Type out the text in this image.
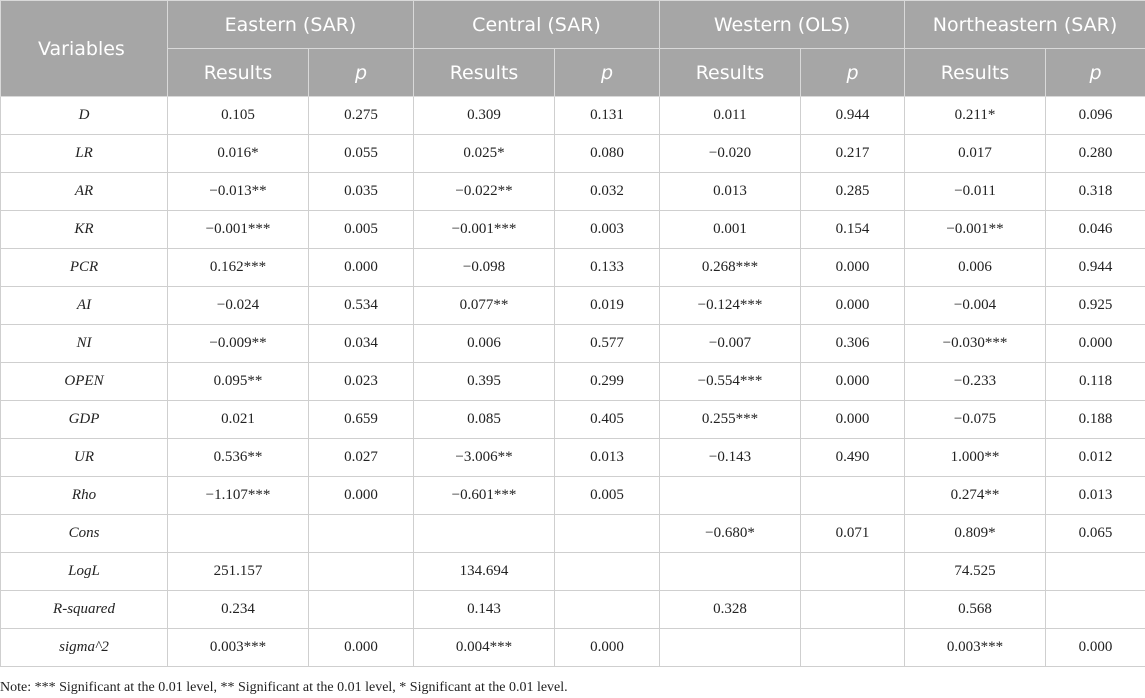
Variables	Eastern (SAR)		Central (SAR)		Western (OLS)		Northeastern (SAR)	
	Results	p	Results	p	Results	p	Results	p
D	0.105	0.275	0.309	0.131	0.011	0.944	0.211*	0.096
LR	0.016*	0.055	0.025*	0.080	−0.020	0.217	0.017	0.280
AR	−0.013**	0.035	−0.022**	0.032	0.013	0.285	−0.011	0.318
KR	−0.001***	0.005	−0.001***	0.003	0.001	0.154	−0.001**	0.046
PCR	0.162***	0.000	−0.098	0.133	0.268***	0.000	0.006	0.944
AI	−0.024	0.534	0.077**	0.019	−0.124***	0.000	−0.004	0.925
NI	−0.009**	0.034	0.006	0.577	−0.007	0.306	−0.030***	0.000
OPEN	0.095**	0.023	0.395	0.299	−0.554***	0.000	−0.233	0.118
GDP	0.021	0.659	0.085	0.405	0.255***	0.000	−0.075	0.188
UR	0.536**	0.027	−3.006**	0.013	−0.143	0.490	1.000**	0.012
Rho	−1.107***	0.000	−0.601***	0.005			0.274**	0.013
Cons					−0.680*	0.071	0.809*	0.065
LogL	251.157		134.694				74.525	
R-squared	0.234		0.143		0.328		0.568	
sigma^2	0.003***	0.000	0.004***	0.000			0.003***	0.000
Note: *** Significant at the 0.01 level, ** Significant at the 0.01 level, * Significant at the 0.01 level.
